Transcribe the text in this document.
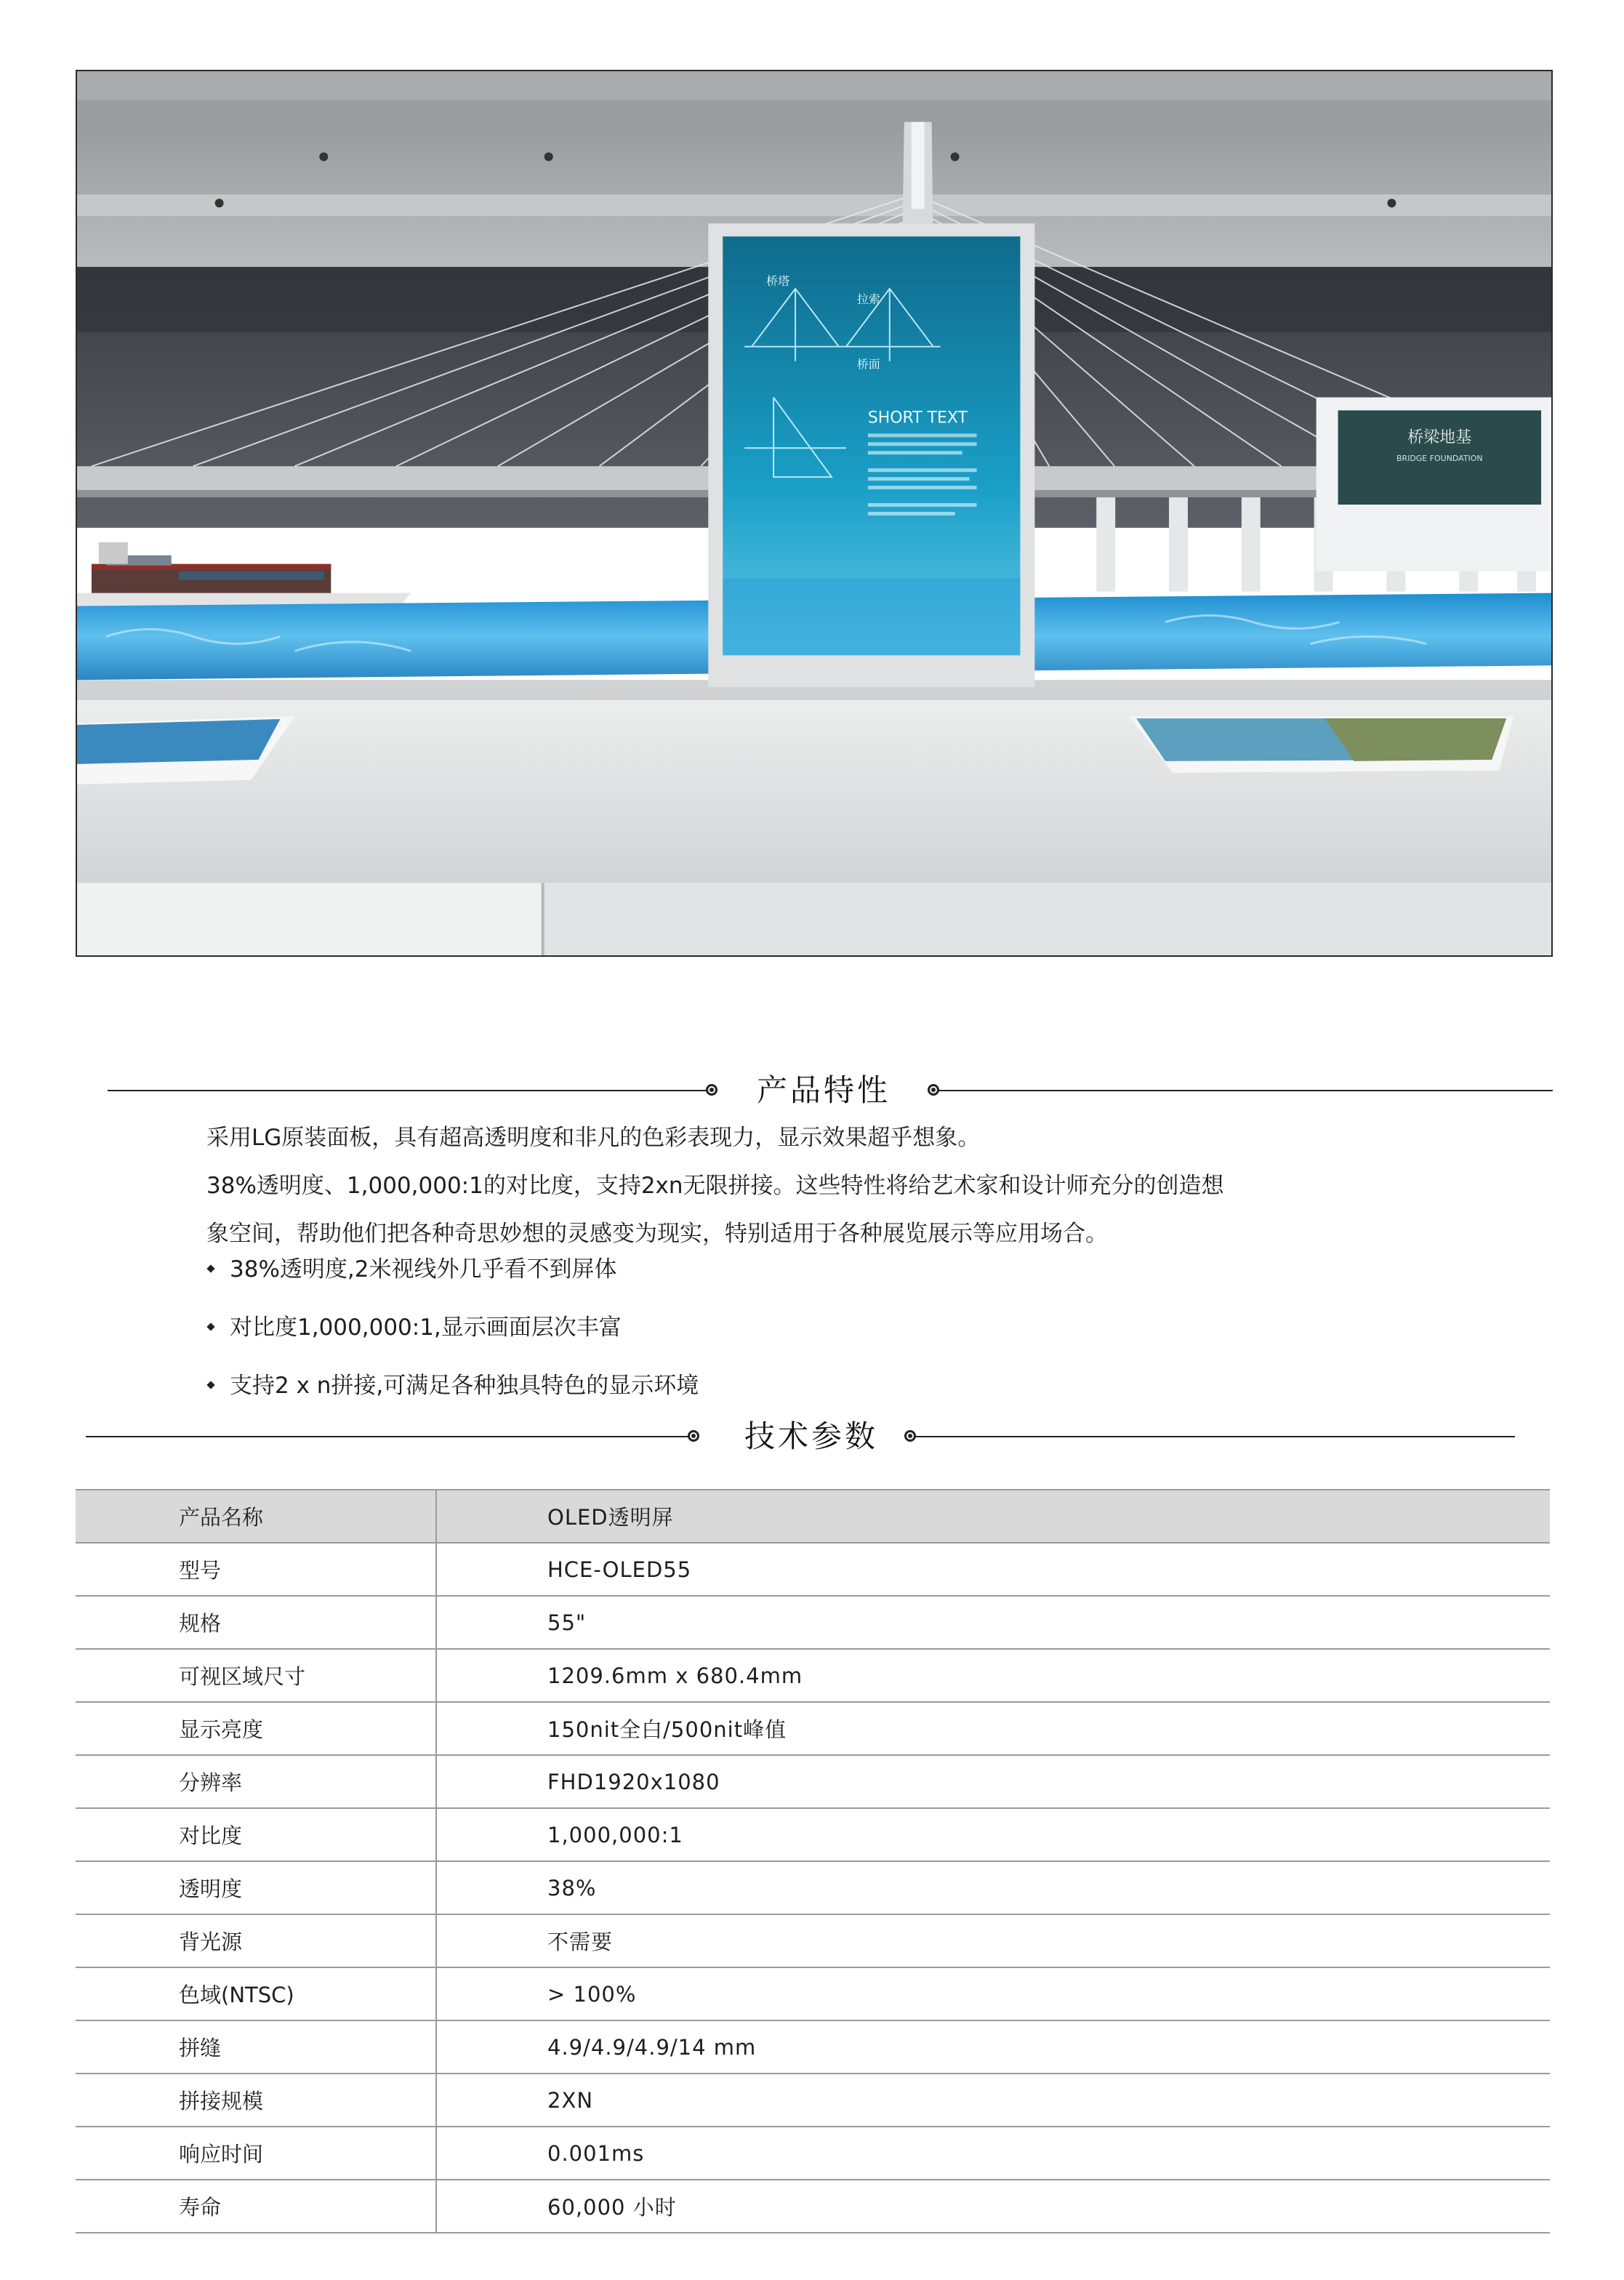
桥梁地基
BRIDGE FOUNDATION
桥塔
拉索
桥面
SHORT TEXT
产品特性
采用LG原装面板，具有超高透明度和非凡的色彩表现力，显示效果超乎想象。
38%透明度、1,000,000:1的对比度，支持2xn无限拼接。这些特性将给艺术家和设计师充分的创造想
象空间，帮助他们把各种奇思妙想的灵感变为现实，特别适用于各种展览展示等应用场合。
38%透明度,2米视线外几乎看不到屏体
对比度1,000,000:1,显示画面层次丰富
支持2 x n拼接,可满足各种独具特色的显示环境
技术参数
产品名称	OLED透明屏
型号	HCE-OLED55
规格	55"
可视区域尺寸	1209.6mm x 680.4mm
显示亮度	150nit全白/500nit峰值
分辨率	FHD1920x1080
对比度	1,000,000:1
透明度	38%
背光源	不需要
色域(NTSC)	> 100%
拼缝	4.9/4.9/4.9/14 mm
拼接规模	2XN
响应时间	0.001ms
寿命	60,000 小时
